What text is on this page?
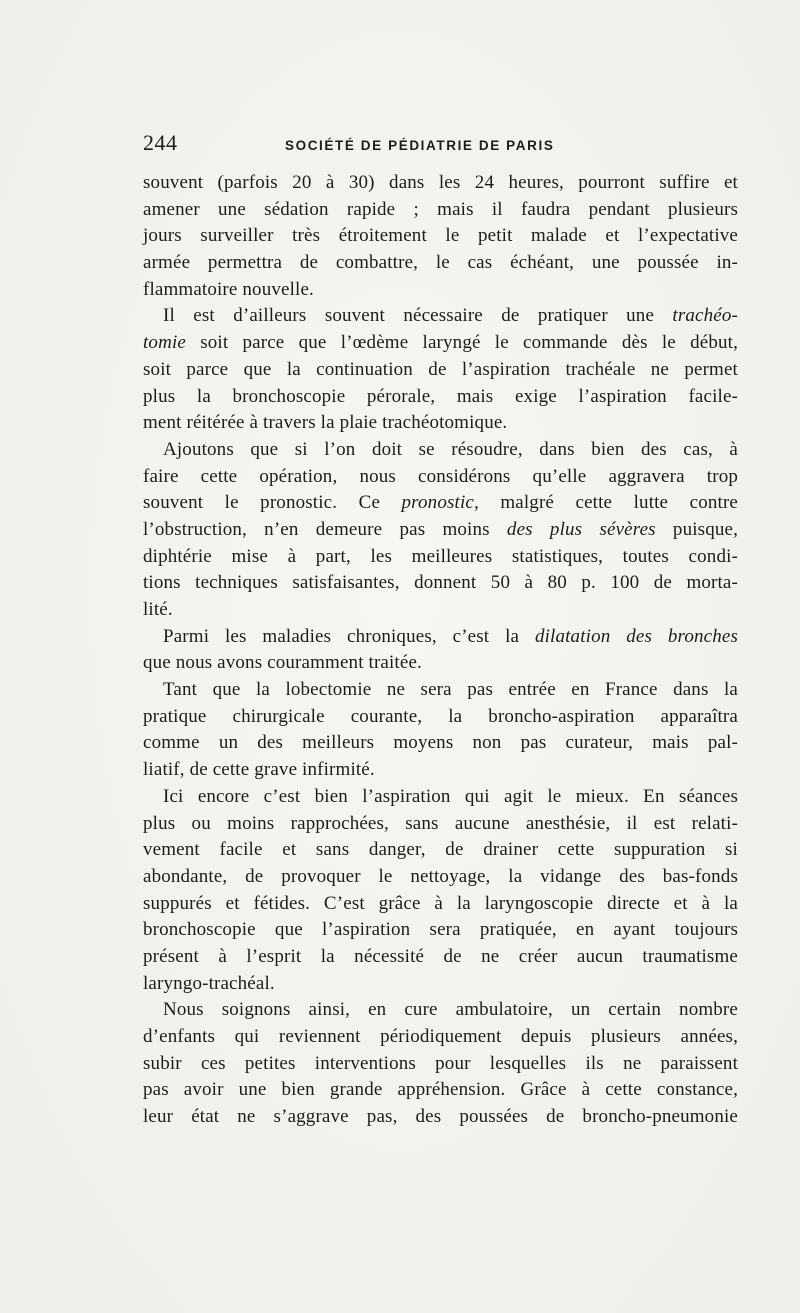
244	SOCIÉTÉ DE PÉDIATRIE DE PARIS
souvent (parfois 20 à 30) dans les 24 heures, pourront suffire et
amener une sédation rapide ; mais il faudra pendant plusieurs
jours surveiller très étroitement le petit malade et l’expectative
armée permettra de combattre, le cas échéant, une poussée in-
flammatoire nouvelle.
Il est d’ailleurs souvent nécessaire de pratiquer une trachéo-
tomie soit parce que l’œdème laryngé le commande dès le début,
soit parce que la continuation de l’aspiration trachéale ne permet
plus la bronchoscopie pérorale, mais exige l’aspiration facile-
ment réitérée à travers la plaie trachéotomique.
Ajoutons que si l’on doit se résoudre, dans bien des cas, à
faire cette opération, nous considérons qu’elle aggravera trop
souvent le pronostic. Ce pronostic, malgré cette lutte contre
l’obstruction, n’en demeure pas moins des plus sévères puisque,
diphtérie mise à part, les meilleures statistiques, toutes condi-
tions techniques satisfaisantes, donnent 50 à 80 p. 100 de morta-
lité.
Parmi les maladies chroniques, c’est la dilatation des bronches
que nous avons couramment traitée.
Tant que la lobectomie ne sera pas entrée en France dans la
pratique chirurgicale courante, la broncho-aspiration apparaîtra
comme un des meilleurs moyens non pas curateur, mais pal-
liatif, de cette grave infirmité.
Ici encore c’est bien l’aspiration qui agit le mieux. En séances
plus ou moins rapprochées, sans aucune anesthésie, il est relati-
vement facile et sans danger, de drainer cette suppuration si
abondante, de provoquer le nettoyage, la vidange des bas-fonds
suppurés et fétides. C’est grâce à la laryngoscopie directe et à la
bronchoscopie que l’aspiration sera pratiquée, en ayant toujours
présent à l’esprit la nécessité de ne créer aucun traumatisme
laryngo-trachéal.
Nous soignons ainsi, en cure ambulatoire, un certain nombre
d’enfants qui reviennent périodiquement depuis plusieurs années,
subir ces petites interventions pour lesquelles ils ne paraissent
pas avoir une bien grande appréhension. Grâce à cette constance,
leur état ne s’aggrave pas, des poussées de broncho-pneumonie
